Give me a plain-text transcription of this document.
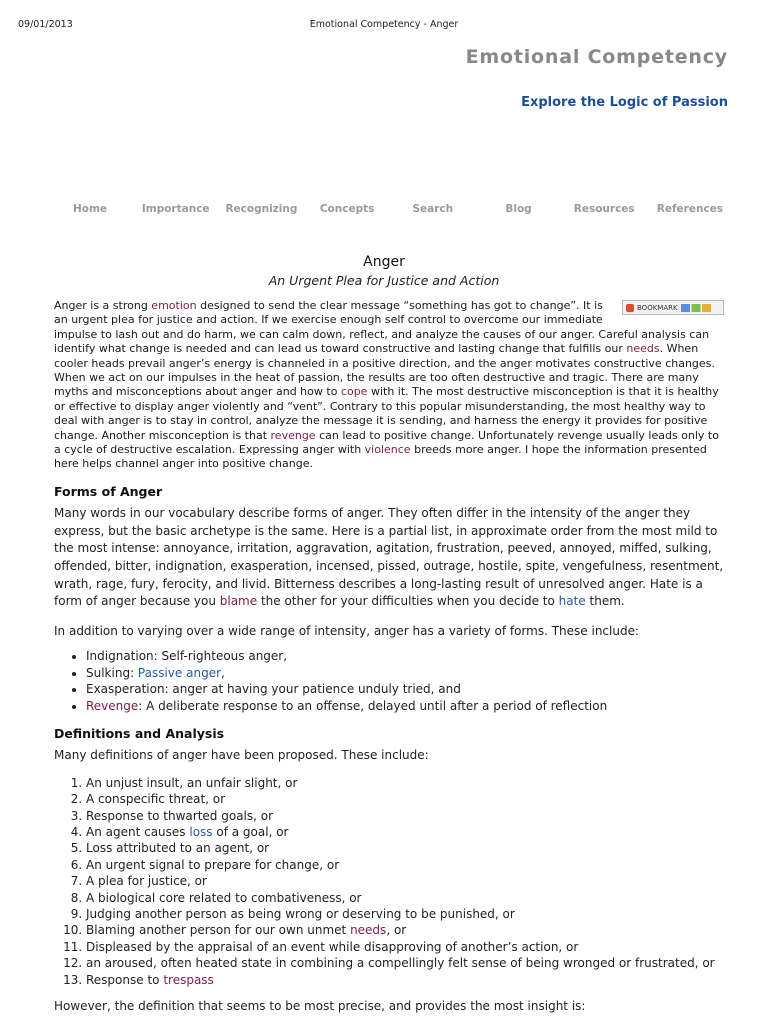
09/01/2013	Emotional Competency - Anger
Emotional Competency
Explore the Logic of Passion
Home	Importance	Recognizing	Concepts	Search	Blog	Resources	References
Anger
An Urgent Plea for Justice and Action

BOOKMARK
Anger is a strong emotion designed to send the clear message “something has got to change”. It is an urgent plea for justice and action. If we exercise enough self control to overcome our immediate impulse to lash out and do harm, we can calm down, reflect, and analyze the causes of our anger. Careful analysis can identify what change is needed and can lead us toward constructive and lasting change that fulfills our needs. When cooler heads prevail anger’s energy is channeled in a positive direction, and the anger motivates constructive changes. When we act on our impulses in the heat of passion, the results are too often destructive and tragic. There are many myths and misconceptions about anger and how to cope with it. The most destructive misconception is that it is healthy or effective to display anger violently and “vent”. Contrary to this popular misunderstanding, the most healthy way to deal with anger is to stay in control, analyze the message it is sending, and harness the energy it provides for positive change. Another misconception is that revenge can lead to positive change. Unfortunately revenge usually leads only to a cycle of destructive escalation. Expressing anger with violence breeds more anger. I hope the information presented here helps channel anger into positive change.

Forms of Anger

Many words in our vocabulary describe forms of anger. They often differ in the intensity of the anger they express, but the basic archetype is the same. Here is a partial list, in approximate order from the most mild to the most intense: annoyance, irritation, aggravation, agitation, frustration, peeved, annoyed, miffed, sulking, offended, bitter, indignation, exasperation, incensed, pissed, outrage, hostile, spite, vengefulness, resentment, wrath, rage, fury, ferocity, and livid. Bitterness describes a long-lasting result of unresolved anger. Hate is a form of anger because you blame the other for your difficulties when you decide to hate them.

In addition to varying over a wide range of intensity, anger has a variety of forms. These include:

• Indignation: Self-righteous anger,
• Sulking: Passive anger,
• Exasperation: anger at having your patience unduly tried, and
• Revenge: A deliberate response to an offense, delayed until after a period of reflection
Definitions and Analysis

Many definitions of anger have been proposed. These include:

1. An unjust insult, an unfair slight, or
2. A conspecific threat, or
3. Response to thwarted goals, or
4. An agent causes loss of a goal, or
5. Loss attributed to an agent, or
6. An urgent signal to prepare for change, or
7. A plea for justice, or
8. A biological core related to combativeness, or
9. Judging another person as being wrong or deserving to be punished, or
10. Blaming another person for our own unmet needs, or
11. Displeased by the appraisal of an event while disapproving of another’s action, or
12. an aroused, often heated state in combining a compellingly felt sense of being wronged or frustrated, or
13. Response to trespass

However, the definition that seems to be most precise, and provides the most insight is:
